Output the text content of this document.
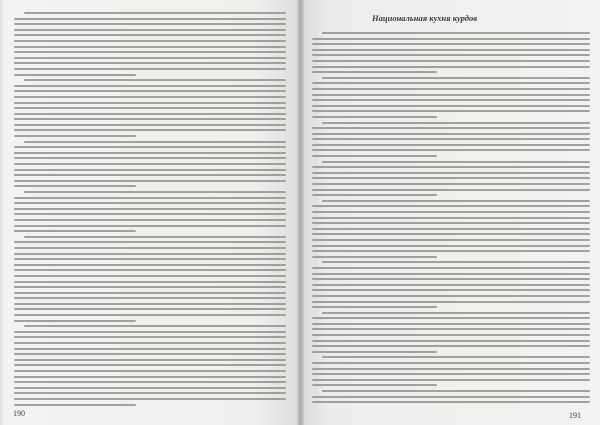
190
Национальная кухня курдов
191
